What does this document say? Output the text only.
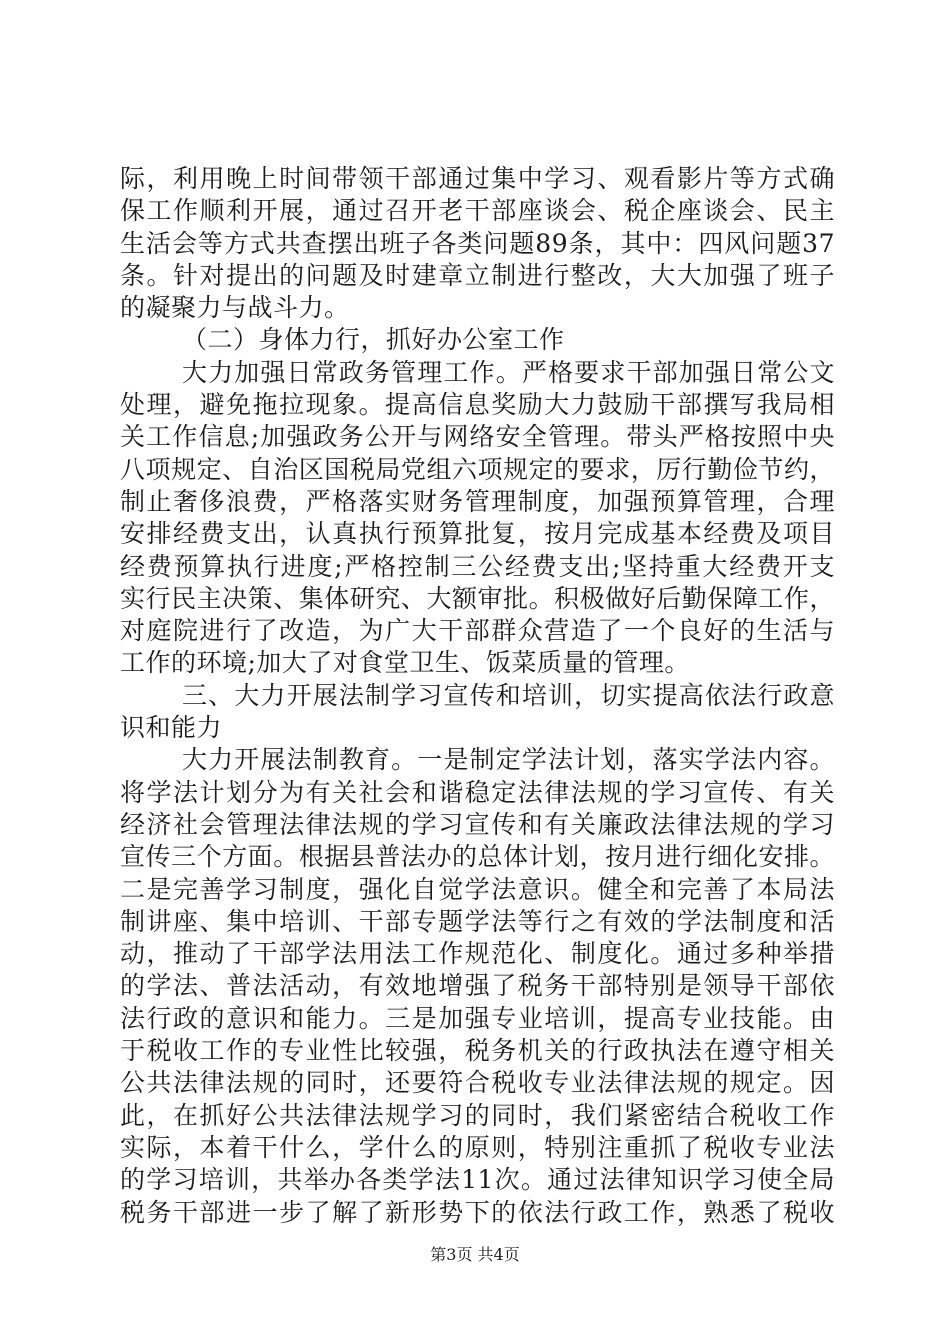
际，利用晚上时间带领干部通过集中学习、观看影片等方式确
保工作顺利开展，通过召开老干部座谈会、税企座谈会、民主
生活会等方式共查摆出班子各类问题89条，其中：四风问题37
条。针对提出的问题及时建章立制进行整改，大大加强了班子
的凝聚力与战斗力。
（二）身体力行，抓好办公室工作
大力加强日常政务管理工作。严格要求干部加强日常公文
处理，避免拖拉现象。提高信息奖励大力鼓励干部撰写我局相
关工作信息;加强政务公开与网络安全管理。带头严格按照中央
八项规定、自治区国税局党组六项规定的要求，厉行勤俭节约，
制止奢侈浪费，严格落实财务管理制度，加强预算管理，合理
安排经费支出，认真执行预算批复，按月完成基本经费及项目
经费预算执行进度;严格控制三公经费支出;坚持重大经费开支
实行民主决策、集体研究、大额审批。积极做好后勤保障工作，
对庭院进行了改造，为广大干部群众营造了一个良好的生活与
工作的环境;加大了对食堂卫生、饭菜质量的管理。
三、大力开展法制学习宣传和培训，切实提高依法行政意
识和能力
大力开展法制教育。一是制定学法计划，落实学法内容。
将学法计划分为有关社会和谐稳定法律法规的学习宣传、有关
经济社会管理法律法规的学习宣传和有关廉政法律法规的学习
宣传三个方面。根据县普法办的总体计划，按月进行细化安排。
二是完善学习制度，强化自觉学法意识。健全和完善了本局法
制讲座、集中培训、干部专题学法等行之有效的学法制度和活
动，推动了干部学法用法工作规范化、制度化。通过多种举措
的学法、普法活动，有效地增强了税务干部特别是领导干部依
法行政的意识和能力。三是加强专业培训，提高专业技能。由
于税收工作的专业性比较强，税务机关的行政执法在遵守相关
公共法律法规的同时，还要符合税收专业法律法规的规定。因
此，在抓好公共法律法规学习的同时，我们紧密结合税收工作
实际，本着干什么，学什么的原则，特别注重抓了税收专业法
的学习培训，共举办各类学法11次。通过法律知识学习使全局
税务干部进一步了解了新形势下的依法行政工作，熟悉了税收
第3页 共4页
